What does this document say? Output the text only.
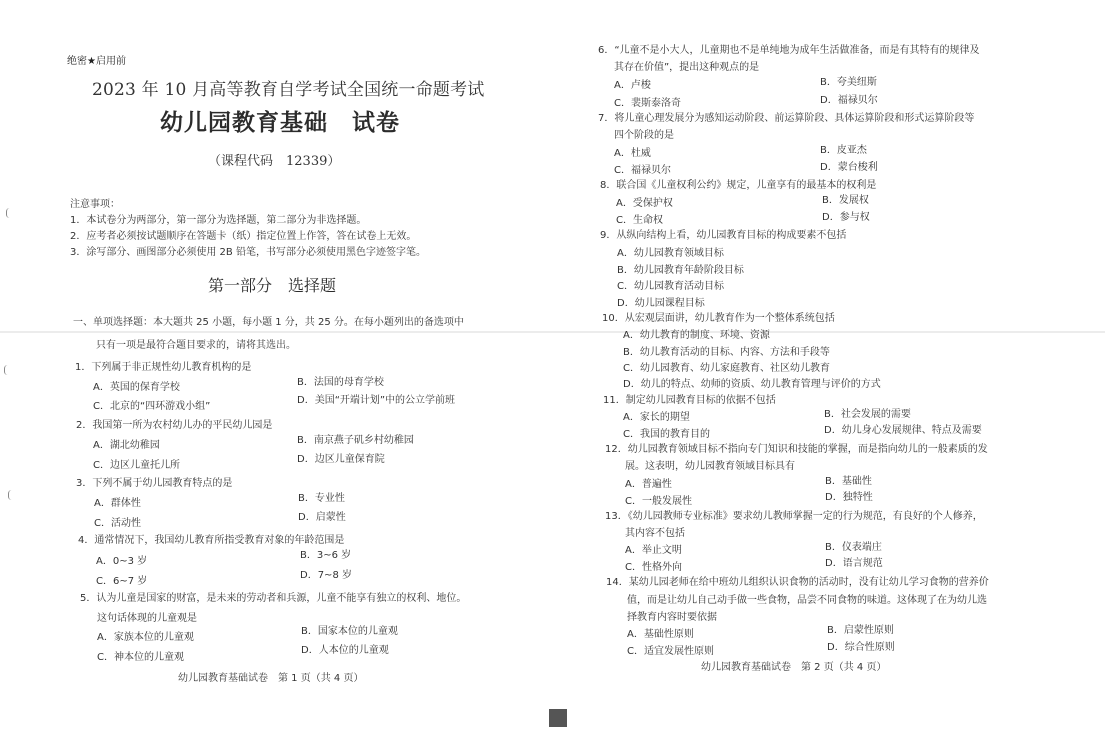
绝密★启用前
2023 年 10 月高等教育自学考试全国统一命题考试
幼儿园教育基础　试卷
（课程代码　12339）
注意事项：
1．本试卷分为两部分，第一部分为选择题，第二部分为非选择题。
2．应考者必须按试题顺序在答题卡（纸）指定位置上作答，答在试卷上无效。
3．涂写部分、画图部分必须使用 2B 铅笔，书写部分必须使用黑色字迹签字笔。
第一部分　选择题
一、单项选择题：本大题共 25 小题，每小题 1 分，共 25 分。在每小题列出的备选项中
只有一项是最符合题目要求的，请将其选出。
1．下列属于非正规性幼儿教育机构的是
A．英国的保育学校	B．法国的母育学校
C．北京的“四环游戏小组”
D．美国“开端计划”中的公立学前班
2．我国第一所为农村幼儿办的平民幼儿园是
A．湖北幼稚园	B．南京燕子矶乡村幼稚园
C．边区儿童托儿所
D．边区儿童保育院
3．下列不属于幼儿园教育特点的是
A．群体性	B．专业性
C．活动性
D．启蒙性
4．通常情况下，我国幼儿教育所指受教育对象的年龄范围是
A．0~3 岁
B．3~6 岁
C．6~7 岁
D．7~8 岁
5．认为儿童是国家的财富，是未来的劳动者和兵源，儿童不能享有独立的权利、地位。
这句话体现的儿童观是
A．家族本位的儿童观
B．国家本位的儿童观
C．神本位的儿童观
D．人本位的儿童观
幼儿园教育基础试卷　第 1 页（共 4 页）
6．“儿童不是小大人，儿童期也不是单纯地为成年生活做准备，而是有其特有的规律及
其存在价值”，提出这种观点的是
A．卢梭	B．夸美纽斯
C．裴斯泰洛奇	D．福禄贝尔
7．将儿童心理发展分为感知运动阶段、前运算阶段、具体运算阶段和形式运算阶段等
四个阶段的是
A．杜威	B．皮亚杰
C．福禄贝尔	D．蒙台梭利
8．联合国《儿童权利公约》规定，儿童享有的最基本的权利是
A．受保护权	B．发展权
C．生命权	D．参与权
9．从纵向结构上看，幼儿园教育目标的构成要素不包括
A．幼儿园教育领域目标
B．幼儿园教育年龄阶段目标
C．幼儿园教育活动目标
D．幼儿园课程目标
10．从宏观层面讲，幼儿教育作为一个整体系统包括
A．幼儿教育的制度、环境、资源
B．幼儿教育活动的目标、内容、方法和手段等
C．幼儿园教育、幼儿家庭教育、社区幼儿教育
D．幼儿的特点、幼师的资质、幼儿教育管理与评价的方式
11．制定幼儿园教育目标的依据不包括
A．家长的期望	B．社会发展的需要
C．我国的教育目的	D．幼儿身心发展规律、特点及需要
12．幼儿园教育领域目标不指向专门知识和技能的掌握，而是指向幼儿的一般素质的发
展。这表明，幼儿园教育领域目标具有
A．普遍性	B．基础性
C．一般发展性	D．独特性
13．《幼儿园教师专业标准》要求幼儿教师掌握一定的行为规范，有良好的个人修养，
其内容不包括
A．举止文明	B．仪表端庄
C．性格外向	D．语言规范
14．某幼儿园老师在给中班幼儿组织认识食物的活动时，没有让幼儿学习食物的营养价
值，而是让幼儿自己动手做一些食物，品尝不同食物的味道。这体现了在为幼儿选
择教育内容时要依据
A．基础性原则	B．启蒙性原则
C．适宜发展性原则	D．综合性原则
幼儿园教育基础试卷　第 2 页（共 4 页）
